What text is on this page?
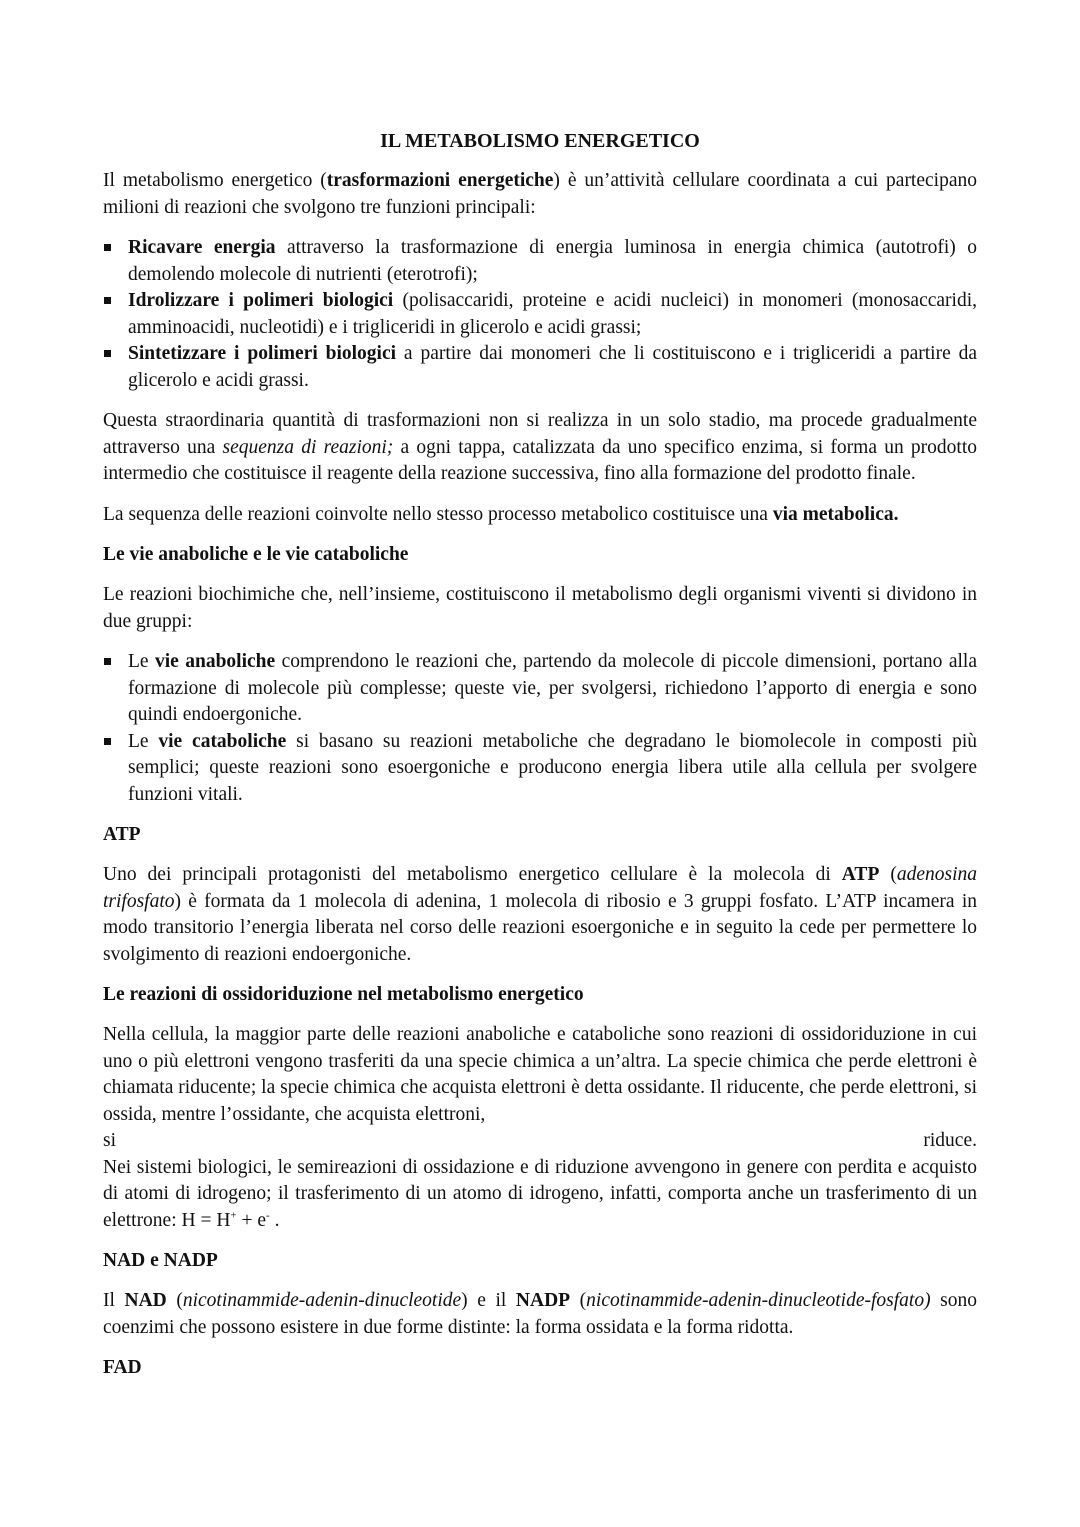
IL METABOLISMO ENERGETICO

Il metabolismo energetico (trasformazioni energetiche) è un’attività cellulare coordinata a cui partecipano milioni di reazioni che svolgono tre funzioni principali:

Ricavare energia attraverso la trasformazione di energia luminosa in energia chimica (autotrofi) o demolendo molecole di nutrienti (eterotrofi);
Idrolizzare i polimeri biologici (polisaccaridi, proteine e acidi nucleici) in monomeri (monosaccaridi, amminoacidi, nucleotidi) e i trigliceridi in glicerolo e acidi grassi;
Sintetizzare i polimeri biologici a partire dai monomeri che li costituiscono e i trigliceridi a partire da glicerolo e acidi grassi.

Questa straordinaria quantità di trasformazioni non si realizza in un solo stadio, ma procede gradualmente attraverso una sequenza di reazioni; a ogni tappa, catalizzata da uno specifico enzima, si forma un prodotto intermedio che costituisce il reagente della reazione successiva, fino alla formazione del prodotto finale.

La sequenza delle reazioni coinvolte nello stesso processo metabolico costituisce una via metabolica.

Le vie anaboliche e le vie cataboliche

Le reazioni biochimiche che, nell’insieme, costituiscono il metabolismo degli organismi viventi si dividono in due gruppi:

Le vie anaboliche comprendono le reazioni che, partendo da molecole di piccole dimensioni, portano alla formazione di molecole più complesse; queste vie, per svolgersi, richiedono l’apporto di energia e sono quindi endoergoniche.
Le vie cataboliche si basano su reazioni metaboliche che degradano le biomolecole in composti più semplici; queste reazioni sono esoergoniche e producono energia libera utile alla cellula per svolgere funzioni vitali.
ATP

Uno dei principali protagonisti del metabolismo energetico cellulare è la molecola di ATP (adenosina trifosfato) è formata da 1 molecola di adenina, 1 molecola di ribosio e 3 gruppi fosfato. L’ATP incamera in modo transitorio l’energia liberata nel corso delle reazioni esoergoniche e in seguito la cede per permettere lo svolgimento di reazioni endoergoniche.

Le reazioni di ossidoriduzione nel metabolismo energetico

Nella cellula, la maggior parte delle reazioni anaboliche e cataboliche sono reazioni di ossidoriduzione in cui uno o più elettroni vengono trasferiti da una specie chimica a un’altra. La specie chimica che perde elettroni è chiamata riducente; la specie chimica che acquista elettroni è detta ossidante. Il riducente, che perde elettroni, si ossida, mentre l’ossidante, che acquista elettroni,

si	riduce.

Nei sistemi biologici, le semireazioni di ossidazione e di riduzione avvengono in genere con perdita e acquisto di atomi di idrogeno; il trasferimento di un atomo di idrogeno, infatti, comporta anche un trasferimento di un elettrone: H = H+ + e- .

NAD e NADP

Il NAD (nicotinammide-adenin-dinucleotide) e il NADP (nicotinammide-adenin-dinucleotide-fosfato) sono coenzimi che possono esistere in due forme distinte: la forma ossidata e la forma ridotta.

FAD
